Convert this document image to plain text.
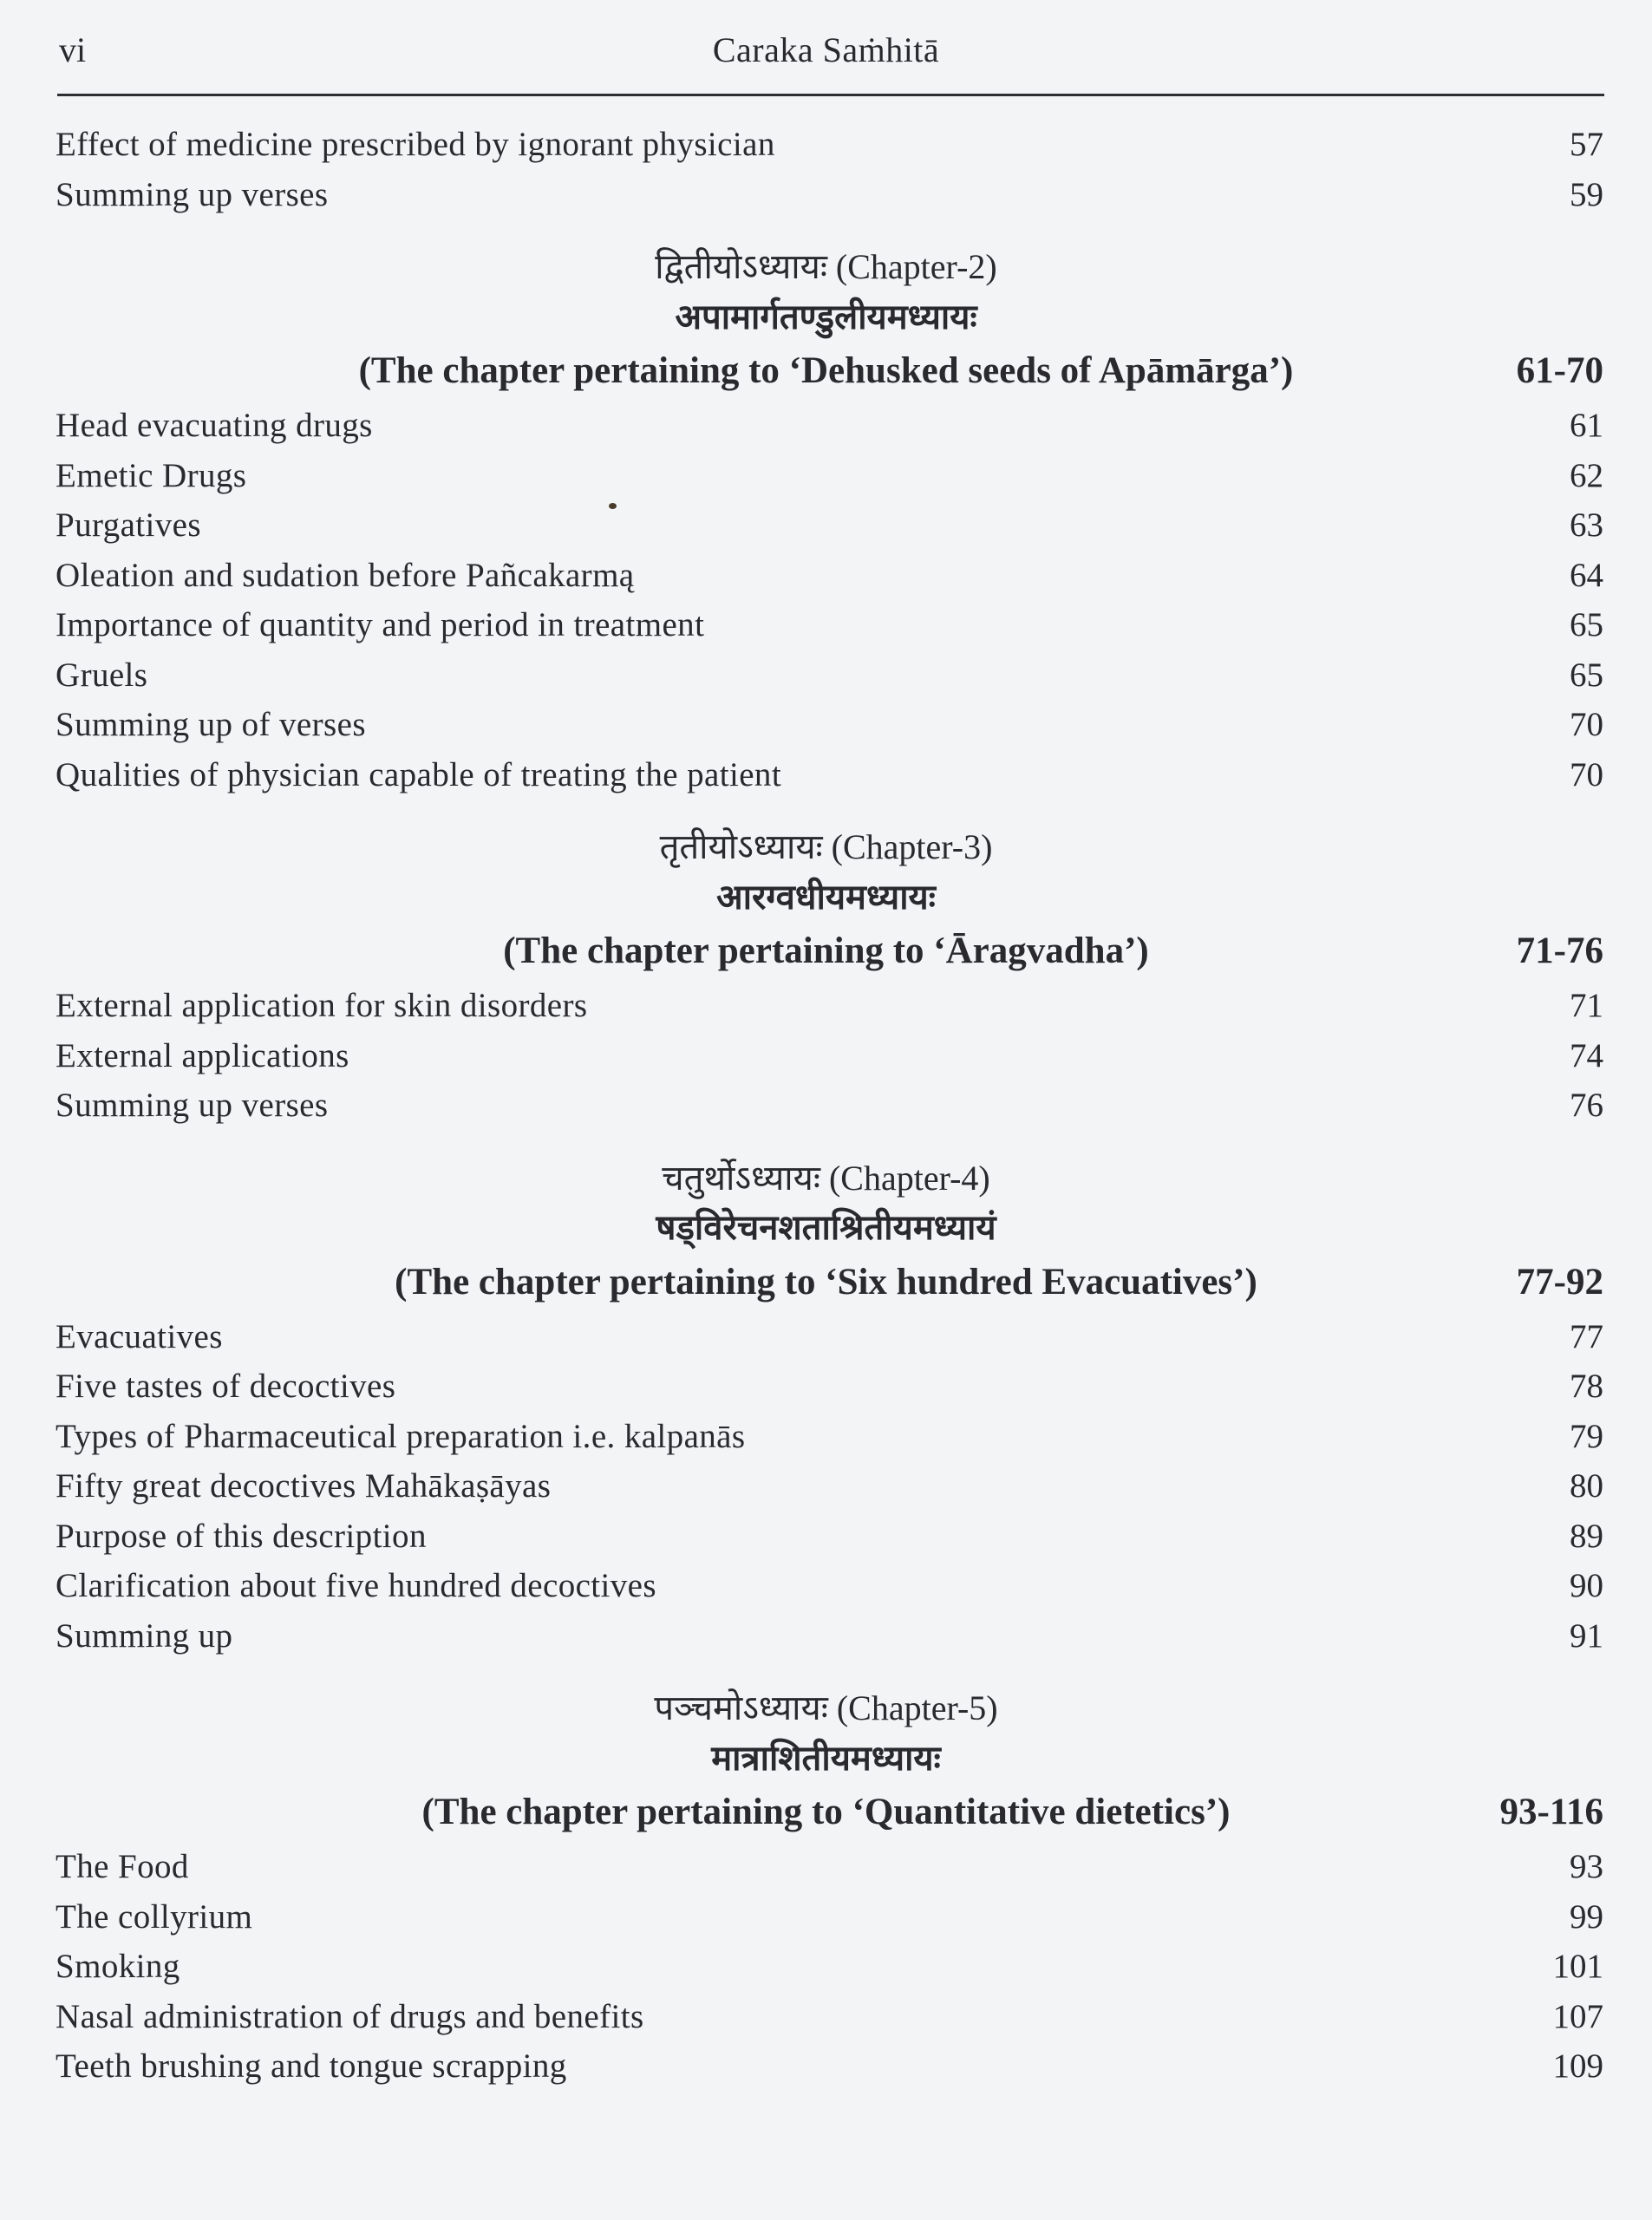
vi	Caraka Saṁhitā
Effect of medicine prescribed by ignorant physician	57
Summing up verses	59
द्वितीयोऽध्यायः (Chapter-2)
अपामार्गतण्डुलीयमध्यायः
(The chapter pertaining to ‘Dehusked seeds of Apāmārga’)	61-70
Head evacuating drugs	61
Emetic Drugs	62
Purgatives	63
Oleation and sudation before Pañcakarmą	64
Importance of quantity and period in treatment	65
Gruels	65
Summing up of verses	70
Qualities of physician capable of treating the patient	70
तृतीयोऽध्यायः (Chapter-3)
आरग्वधीयमध्यायः
(The chapter pertaining to ‘Āragvadha’)	71-76
External application for skin disorders	71
External applications	74
Summing up verses	76
चतुर्थोऽध्यायः (Chapter-4)
षड्विरेचनशताश्रितीयमध्यायं
(The chapter pertaining to ‘Six hundred Evacuatives’)	77-92
Evacuatives	77
Five tastes of decoctives	78
Types of Pharmaceutical preparation i.e. kalpanās	79
Fifty great decoctives Mahākaṣāyas	80
Purpose of this description	89
Clarification about five hundred decoctives	90
Summing up	91
पञ्चमोऽध्यायः (Chapter-5)
मात्राशितीयमध्यायः
(The chapter pertaining to ‘Quantitative dietetics’)	93-116
The Food	93
The collyrium	99
Smoking	101
Nasal administration of drugs and benefits	107
Teeth brushing and tongue scrapping	109
